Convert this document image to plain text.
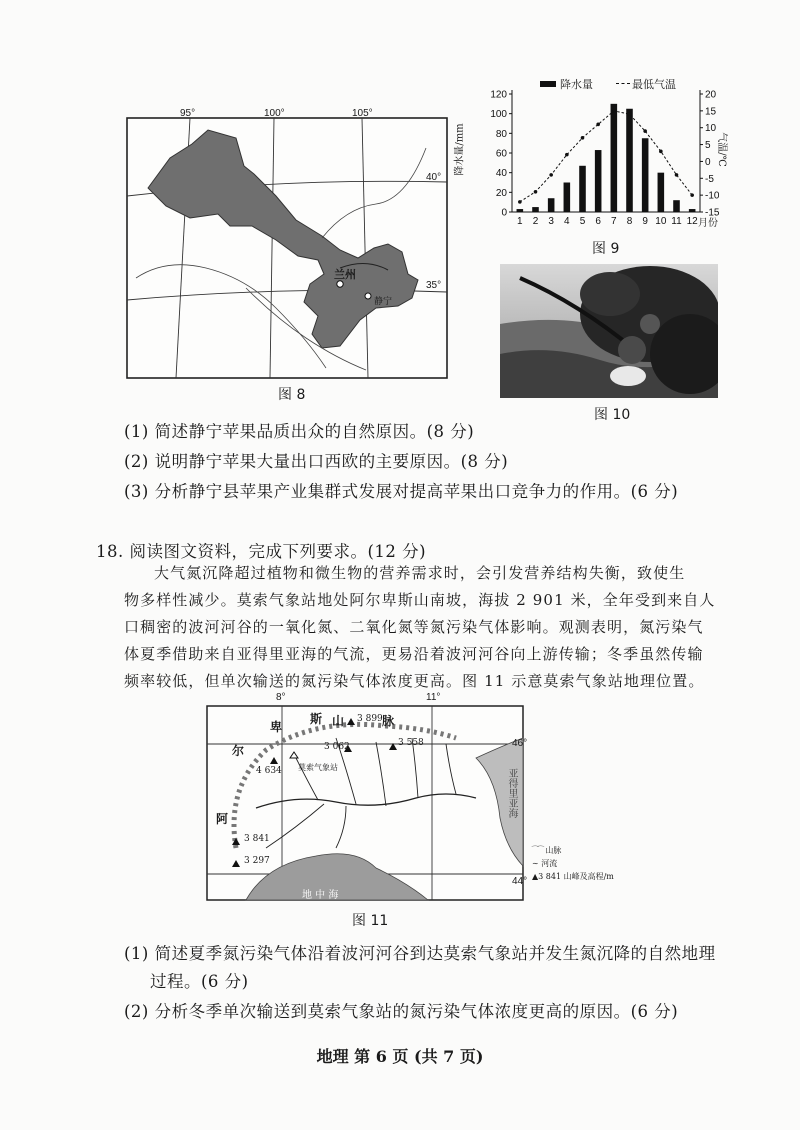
95°	100°	105°
40°
35°
兰州
静宁
图 8
0
20
40
60
80
100
120
-15
-10
-5
0
5
10
15
20
1 2 3 4 5 6 7 8 9 10 11 12
降水量	最低气温
降水量/mm	气温/℃
月份
图 9
图 10
(1) 简述静宁苹果品质出众的自然原因。(8 分)
(2) 说明静宁苹果大量出口西欧的主要原因。(8 分)
(3) 分析静宁县苹果产业集群式发展对提高苹果出口竞争力的作用。(6 分)
18. 阅读图文资料，完成下列要求。(12 分)
大气氮沉降超过植物和微生物的营养需求时，会引发营养结构失衡，致使生
物多样性减少。莫索气象站地处阿尔卑斯山南坡，海拔 2 901 米，全年受到来自人
口稠密的波河河谷的一氧化氮、二氧化氮等氮污染气体影响。观测表明，氮污染气
体夏季借助来自亚得里亚海的气流，更易沿着波河河谷向上游传输；冬季虽然传输
频率较低，但单次输送的氮污染气体浓度更高。图 11 示意莫索气象站地理位置。
8°	11°
46°
44°
阿
尔
卑
斯 山	脉
3 899
3 062	3 558
4 634
3 841
3 297
莫索气象站
地 中 海
亚得里亚海
⁀⁀ 山脉
∼ 河流
▲3 841 山峰及高程/m
图 11
(1) 简述夏季氮污染气体沿着波河河谷到达莫索气象站并发生氮沉降的自然地理
过程。(6 分)
(2) 分析冬季单次输送到莫索气象站的氮污染气体浓度更高的原因。(6 分)
地理 第 6 页 (共 7 页)
